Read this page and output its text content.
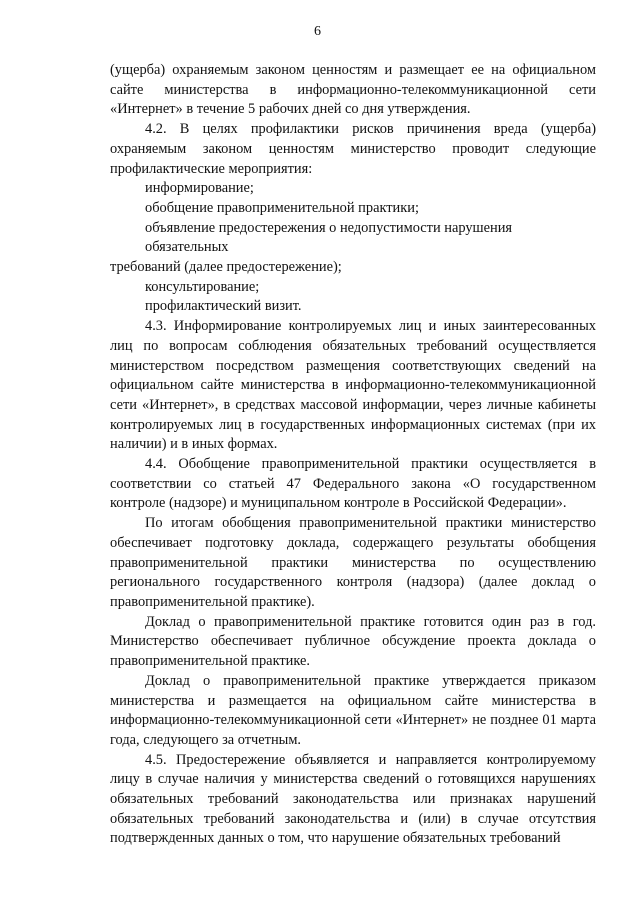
6

(ущерба) охраняемым законом ценностям и размещает ее на официальном сайте министерства в информационно-телекоммуникационной сети «Интернет» в течение 5 рабочих дней со дня утверждения.

4.2. В целях профилактики рисков причинения вреда (ущерба) охраняемым законом ценностям министерство проводит следующие профилактические мероприятия:

информирование;

обобщение правоприменительной практики;

объявление предостережения о недопустимости нарушения обязательных

требований (далее предостережение);

консультирование;

профилактический визит.

4.3. Информирование контролируемых лиц и иных заинтересованных лиц по вопросам соблюдения обязательных требований осуществляется министерством посредством размещения соответствующих сведений на официальном сайте министерства в информационно-телекоммуникационной сети «Интернет», в средствах массовой информации, через личные кабинеты контролируемых лиц в государственных информационных системах (при их наличии) и в иных формах.

4.4. Обобщение правоприменительной практики осуществляется в соответствии со статьей 47 Федерального закона «О государственном контроле (надзоре) и муниципальном контроле в Российской Федерации».

По итогам обобщения правоприменительной практики министерство обеспечивает подготовку доклада, содержащего результаты обобщения правоприменительной практики министерства по осуществлению регионального государственного контроля (надзора) (далее доклад о правоприменительной практике).

Доклад о правоприменительной практике готовится один раз в год. Министерство обеспечивает публичное обсуждение проекта доклада о правоприменительной практике.

Доклад о правоприменительной практике утверждается приказом министерства и размещается на официальном сайте министерства в информационно-телекоммуникационной сети «Интернет» не позднее 01 марта года, следующего за отчетным.

4.5. Предостережение объявляется и направляется контролируемому лицу в случае наличия у министерства сведений о готовящихся нарушениях обязательных требований законодательства или признаках нарушений обязательных требований законодательства и (или) в случае отсутствия подтвержденных данных о том, что нарушение обязательных требований
